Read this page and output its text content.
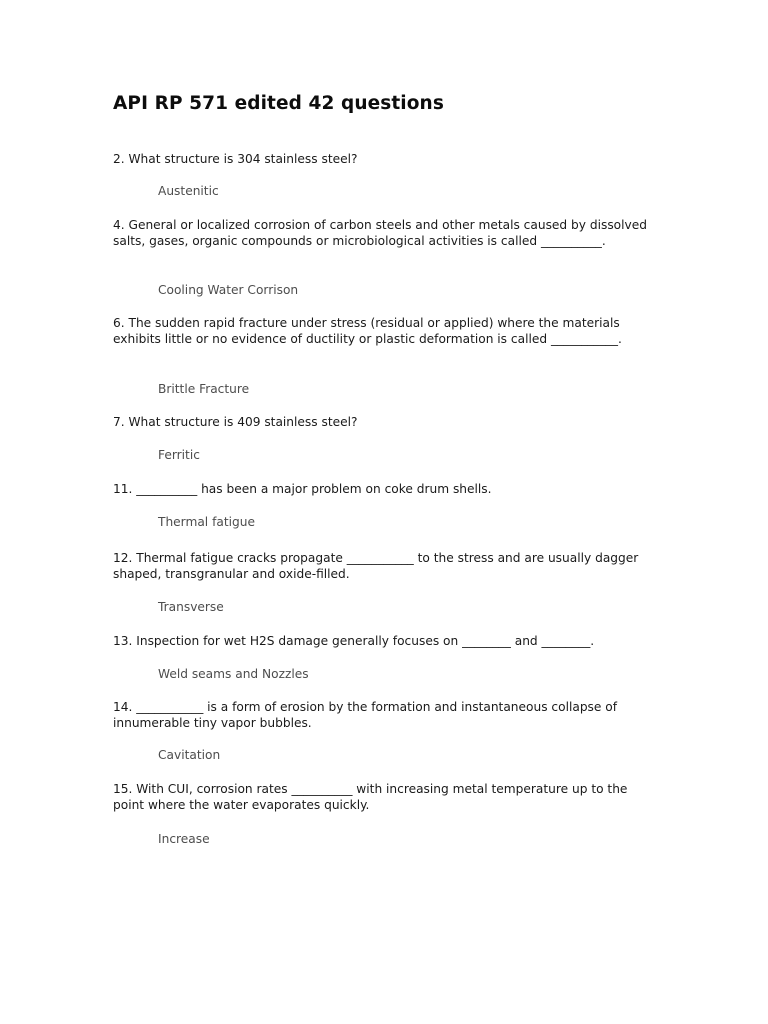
API RP 571 edited 42 questions

2. What structure is 304 stainless steel?

Austenitic

4. General or localized corrosion of carbon steels and other metals caused by dissolved salts, gases, organic compounds or microbiological activities is called __________.

Cooling Water Corrison

6. The sudden rapid fracture under stress (residual or applied) where the materials exhibits little or no evidence of ductility or plastic deformation is called ___________.

Brittle Fracture

7. What structure is 409 stainless steel?

Ferritic

11. __________ has been a major problem on coke drum shells.

Thermal fatigue

12. Thermal fatigue cracks propagate ___________ to the stress and are usually dagger shaped, transgranular and oxide-filled.

Transverse

13. Inspection for wet H2S damage generally focuses on ________ and ________.

Weld seams and Nozzles

14. ___________ is a form of erosion by the formation and instantaneous collapse of innumerable tiny vapor bubbles.

Cavitation

15. With CUI, corrosion rates __________ with increasing metal temperature up to the point where the water evaporates quickly.

Increase
